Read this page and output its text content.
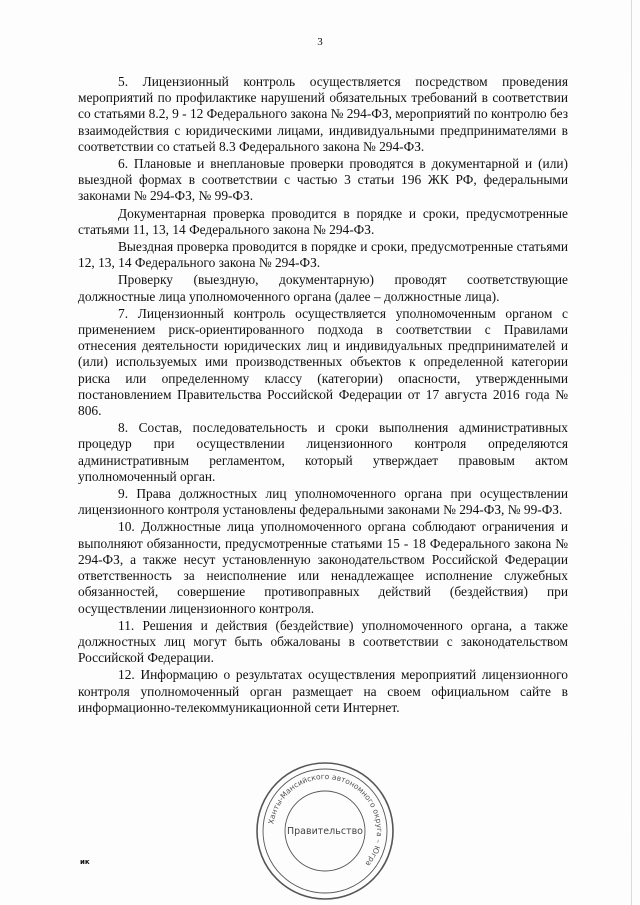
3

5. Лицензионный контроль осуществляется посредством проведения мероприятий по профилактике нарушений обязательных требований в соответствии со статьями 8.2, 9 - 12 Федерального закона № 294-ФЗ, мероприятий по контролю без взаимодействия с юридическими лицами, индивидуальными предпринимателями в соответствии со статьей 8.3 Федерального закона № 294-ФЗ.

6. Плановые и внеплановые проверки проводятся в документарной и (или) выездной формах в соответствии с частью 3 статьи 196 ЖК РФ, федеральными законами № 294-ФЗ, № 99-ФЗ.

Документарная проверка проводится в порядке и сроки, предусмотренные статьями 11, 13, 14 Федерального закона № 294-ФЗ.

Выездная проверка проводится в порядке и сроки, предусмотренные статьями 12, 13, 14 Федерального закона № 294-ФЗ.

Проверку (выездную, документарную) проводят соответствующие должностные лица уполномоченного органа (далее – должностные лица).

7. Лицензионный контроль осуществляется уполномоченным органом с применением риск-ориентированного подхода в соответствии с Правилами отнесения деятельности юридических лиц и индивидуальных предпринимателей и (или) используемых ими производственных объектов к определенной категории риска или определенному классу (категории) опасности, утвержденными постановлением Правительства Российской Федерации от 17 августа 2016 года № 806.

8. Состав, последовательность и сроки выполнения административных процедур при осуществлении лицензионного контроля определяются административным регламентом, который утверждает правовым актом уполномоченный орган.

9. Права должностных лиц уполномоченного органа при осуществлении лицензионного контроля установлены федеральными законами № 294-ФЗ, № 99-ФЗ.

10. Должностные лица уполномоченного органа соблюдают ограничения и выполняют обязанности, предусмотренные статьями 15 - 18 Федерального закона № 294-ФЗ, а также несут установленную законодательством Российской Федерации ответственность за неисполнение или ненадлежащее исполнение служебных обязанностей, совершение противоправных действий (бездействия) при осуществлении лицензионного контроля.

11. Решения и действия (бездействие) уполномоченного органа, а также должностных лиц могут быть обжалованы в соответствии с законодательством Российской Федерации.

12. Информацию о результатах осуществления мероприятий лицензионного контроля уполномоченный орган размещает на своем официальном сайте в информационно-телекоммуникационной сети Интернет.

Ханты-Мансийского автономного округа – Югра
Правительство
ик
